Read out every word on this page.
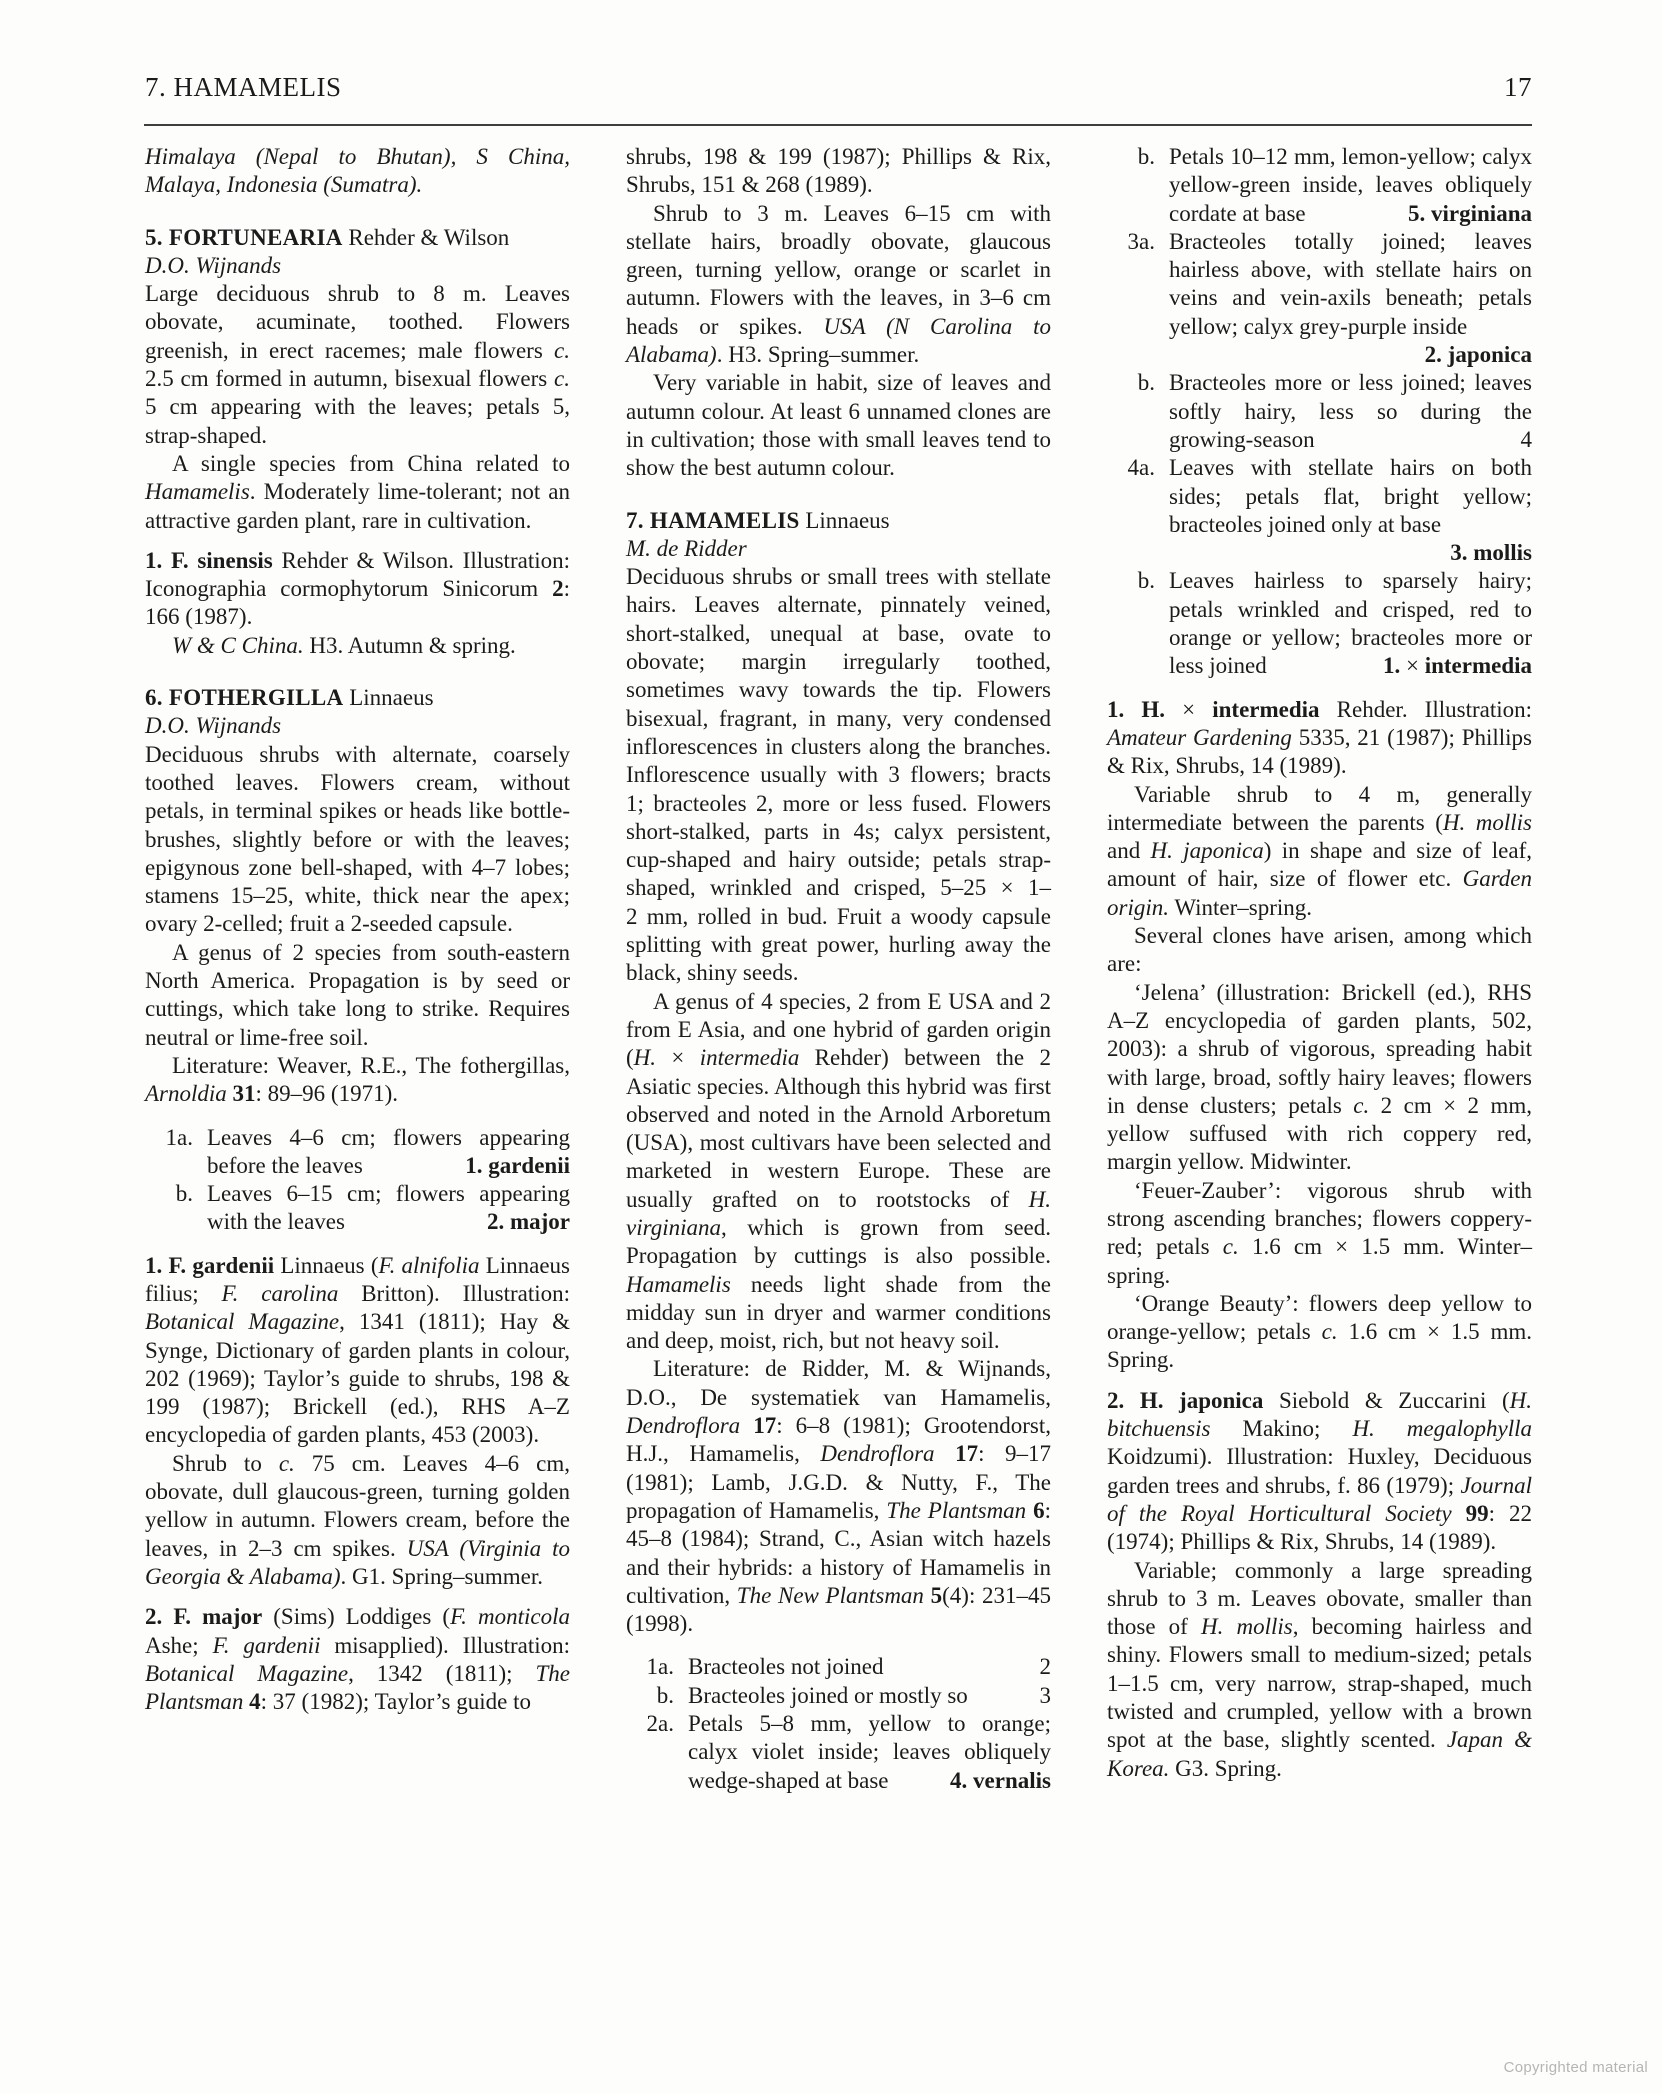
7. HAMAMELIS	17

Himalaya (Nepal to Bhutan), S China, Malaya, Indonesia (Sumatra).

5. FORTUNEARIA Rehder & Wilson
D.O. Wijnands

Large deciduous shrub to 8 m. Leaves obovate, acuminate, toothed. Flowers greenish, in erect racemes; male flowers c. 2.5 cm formed in autumn, bisexual flowers c. 5 cm appearing with the leaves; petals 5, strap-shaped.

A single species from China related to Hamamelis. Moderately lime-tolerant; not an attractive garden plant, rare in cultivation.

1. F. sinensis Rehder & Wilson. Illustration: Iconographia cormophytorum Sinicorum 2: 166 (1987).

W & C China. H3. Autumn & spring.

6. FOTHERGILLA Linnaeus
D.O. Wijnands

Deciduous shrubs with alternate, coarsely toothed leaves. Flowers cream, without petals, in terminal spikes or heads like bottle-brushes, slightly before or with the leaves; epigynous zone bell-shaped, with 4–7 lobes; stamens 15–25, white, thick near the apex; ovary 2-celled; fruit a 2-seeded capsule.

A genus of 2 species from south-eastern North America. Propagation is by seed or cuttings, which take long to strike. Requires neutral or lime-free soil.

Literature: Weaver, R.E., The fothergillas, Arnoldia 31: 89–96 (1971).

1a. Leaves 4–6 cm; flowers appearing before the leaves	1. gardenii
b. Leaves 6–15 cm; flowers appearing with the leaves	2. major

1. F. gardenii Linnaeus (F. alnifolia Linnaeus filius; F. carolina Britton). Illustration: Botanical Magazine, 1341 (1811); Hay & Synge, Dictionary of garden plants in colour, 202 (1969); Taylor’s guide to shrubs, 198 & 199 (1987); Brickell (ed.), RHS A–Z encyclopedia of garden plants, 453 (2003).

Shrub to c. 75 cm. Leaves 4–6 cm, obovate, dull glaucous-green, turning golden yellow in autumn. Flowers cream, before the leaves, in 2–3 cm spikes. USA (Virginia to Georgia & Alabama). G1. Spring–summer.

2. F. major (Sims) Loddiges (F. monticola Ashe; F. gardenii misapplied). Illustration: Botanical Magazine, 1342 (1811); The Plantsman 4: 37 (1982); Taylor’s guide to

shrubs, 198 & 199 (1987); Phillips & Rix, Shrubs, 151 & 268 (1989).

Shrub to 3 m. Leaves 6–15 cm with stellate hairs, broadly obovate, glaucous green, turning yellow, orange or scarlet in autumn. Flowers with the leaves, in 3–6 cm heads or spikes. USA (N Carolina to Alabama). H3. Spring–summer.

Very variable in habit, size of leaves and autumn colour. At least 6 unnamed clones are in cultivation; those with small leaves tend to show the best autumn colour.

7. HAMAMELIS Linnaeus
M. de Ridder

Deciduous shrubs or small trees with stellate hairs. Leaves alternate, pinnately veined, short-stalked, unequal at base, ovate to obovate; margin irregularly toothed, sometimes wavy towards the tip. Flowers bisexual, fragrant, in many, very condensed inflorescences in clusters along the branches. Inflorescence usually with 3 flowers; bracts 1; bracteoles 2, more or less fused. Flowers short-stalked, parts in 4s; calyx persistent, cup-shaped and hairy outside; petals strap-shaped, wrinkled and crisped, 5–25 × 1–2 mm, rolled in bud. Fruit a woody capsule splitting with great power, hurling away the black, shiny seeds.

A genus of 4 species, 2 from E USA and 2 from E Asia, and one hybrid of garden origin (H. × intermedia Rehder) between the 2 Asiatic species. Although this hybrid was first observed and noted in the Arnold Arboretum (USA), most cultivars have been selected and marketed in western Europe. These are usually grafted on to rootstocks of H. virginiana, which is grown from seed. Propagation by cuttings is also possible. Hamamelis needs light shade from the midday sun in dryer and warmer conditions and deep, moist, rich, but not heavy soil.

Literature: de Ridder, M. & Wijnands, D.O., De systematiek van Hamamelis, Dendroflora 17: 6–8 (1981); Grootendorst, H.J., Hamamelis, Dendroflora 17: 9–17 (1981); Lamb, J.G.D. & Nutty, F., The propagation of Hamamelis, The Plantsman 6: 45–8 (1984); Strand, C., Asian witch hazels and their hybrids: a history of Hamamelis in cultivation, The New Plantsman 5(4): 231–45 (1998).

1a. Bracteoles not joined	2
b. Bracteoles joined or mostly so	3
2a. Petals 5–8 mm, yellow to orange; calyx violet inside; leaves obliquely wedge-shaped at base	4. vernalis
b. Petals 10–12 mm, lemon-yellow; calyx yellow-green inside, leaves obliquely cordate at base	5. virginiana
3a. Bracteoles totally joined; leaves hairless above, with stellate hairs on veins and vein-axils beneath; petals yellow; calyx grey-purple inside
2. japonica
b. Bracteoles more or less joined; leaves softly hairy, less so during the growing-season	4
4a. Leaves with stellate hairs on both sides; petals flat, bright yellow; bracteoles joined only at base
3. mollis
b. Leaves hairless to sparsely hairy; petals wrinkled and crisped, red to orange or yellow; bracteoles more or less joined	1. × intermedia

1. H. × intermedia Rehder. Illustration: Amateur Gardening 5335, 21 (1987); Phillips & Rix, Shrubs, 14 (1989).

Variable shrub to 4 m, generally intermediate between the parents (H. mollis and H. japonica) in shape and size of leaf, amount of hair, size of flower etc. Garden origin. Winter–spring.

Several clones have arisen, among which are:

‘Jelena’ (illustration: Brickell (ed.), RHS A–Z encyclopedia of garden plants, 502, 2003): a shrub of vigorous, spreading habit with large, broad, softly hairy leaves; flowers in dense clusters; petals c. 2 cm × 2 mm, yellow suffused with rich coppery red, margin yellow. Midwinter.

‘Feuer-Zauber’: vigorous shrub with strong ascending branches; flowers coppery-red; petals c. 1.6 cm × 1.5 mm. Winter–spring.

‘Orange Beauty’: flowers deep yellow to orange-yellow; petals c. 1.6 cm × 1.5 mm. Spring.

2. H. japonica Siebold & Zuccarini (H. bitchuensis Makino; H. megalophylla Koidzumi). Illustration: Huxley, Deciduous garden trees and shrubs, f. 86 (1979); Journal of the Royal Horticultural Society 99: 22 (1974); Phillips & Rix, Shrubs, 14 (1989).

Variable; commonly a large spreading shrub to 3 m. Leaves obovate, smaller than those of H. mollis, becoming hairless and shiny. Flowers small to medium-sized; petals 1–1.5 cm, very narrow, strap-shaped, much twisted and crumpled, yellow with a brown spot at the base, slightly scented. Japan & Korea. G3. Spring.

Copyrighted material
